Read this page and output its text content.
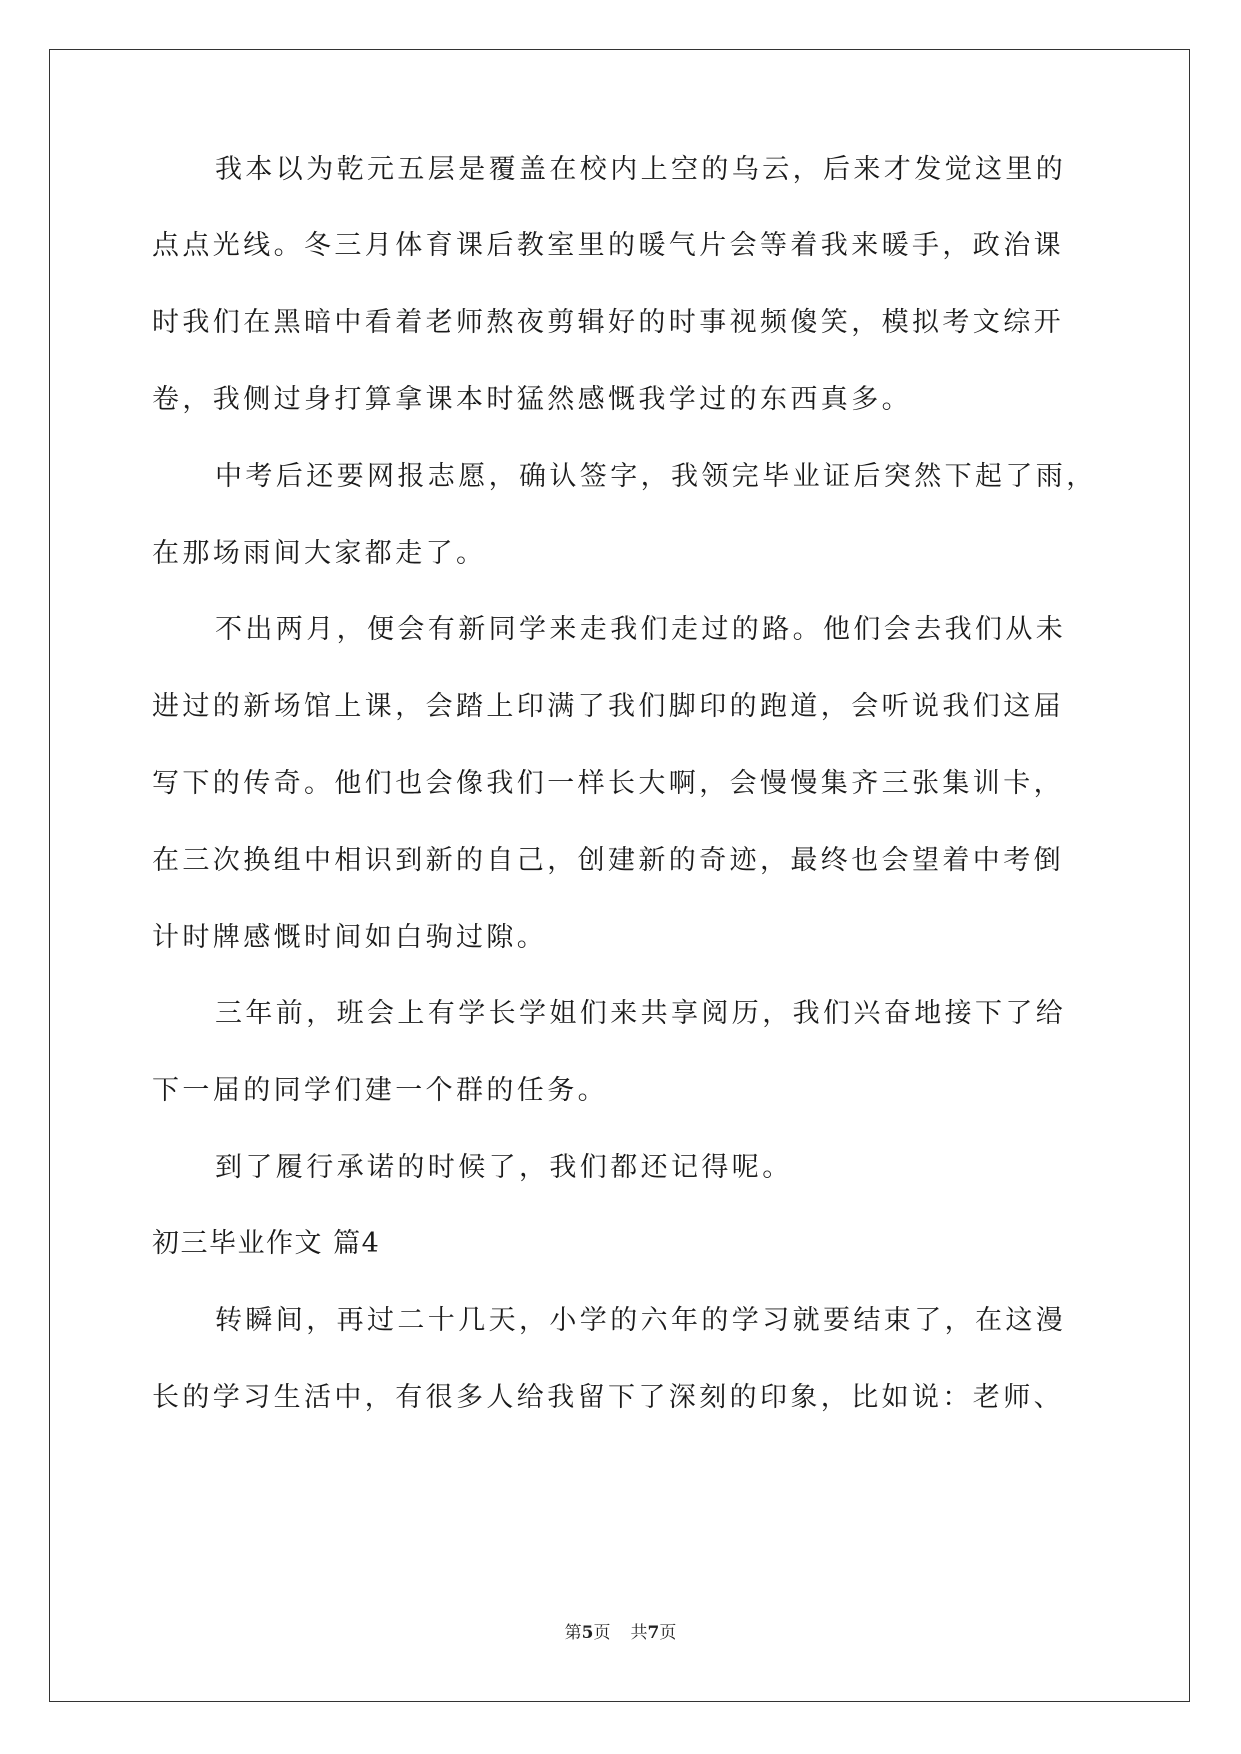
我本以为乾元五层是覆盖在校内上空的乌云，后来才发觉这里的
点点光线。冬三月体育课后教室里的暖气片会等着我来暖手，政治课
时我们在黑暗中看着老师熬夜剪辑好的时事视频傻笑，模拟考文综开
卷，我侧过身打算拿课本时猛然感慨我学过的东西真多。
中考后还要网报志愿，确认签字，我领完毕业证后突然下起了雨，
在那场雨间大家都走了。
不出两月，便会有新同学来走我们走过的路。他们会去我们从未
进过的新场馆上课，会踏上印满了我们脚印的跑道，会听说我们这届
写下的传奇。他们也会像我们一样长大啊，会慢慢集齐三张集训卡，
在三次换组中相识到新的自己，创建新的奇迹，最终也会望着中考倒
计时牌感慨时间如白驹过隙。
三年前，班会上有学长学姐们来共享阅历，我们兴奋地接下了给
下一届的同学们建一个群的任务。
到了履行承诺的时候了，我们都还记得呢。
初三毕业作文 篇4
转瞬间，再过二十几天，小学的六年的学习就要结束了，在这漫
长的学习生活中，有很多人给我留下了深刻的印象，比如说：老师、
第5页 共7页
